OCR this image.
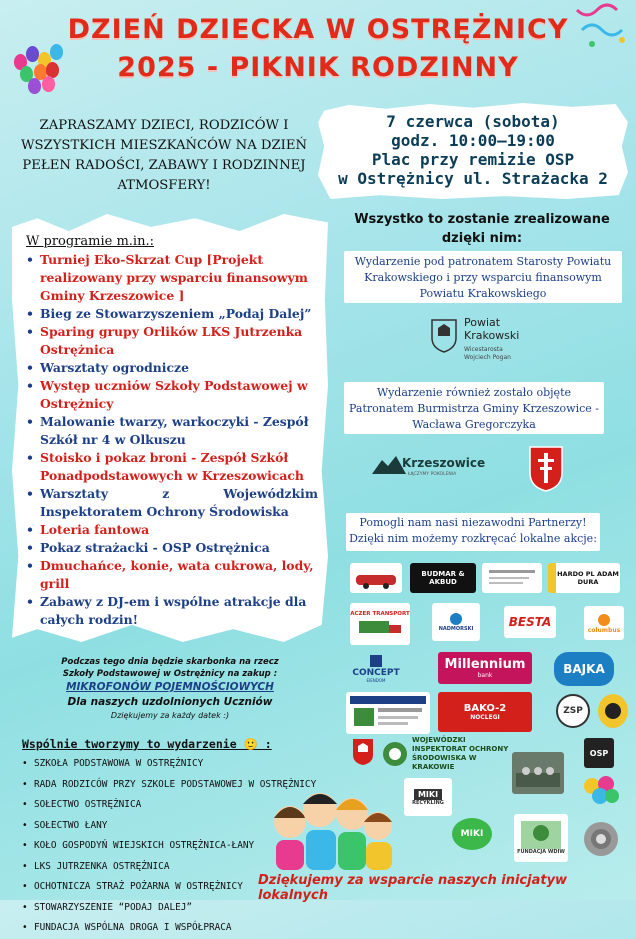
DZIEŃ DZIECKA W OSTRĘŻNICY
2025 - PIKNIK RODZINNY
ZAPRASZAMY DZIECI, RODZICÓW I WSZYSTKICH MIESZKAŃCÓW NA DZIEŃ PEŁEN RADOŚCI, ZABAWY I RODZINNEJ ATMOSFERY!
7 czerwca (sobota)
godz. 10:00–19:00
Plac przy remizie OSP
w Ostrężnicy ul. Strażacka 2
W programie m.in.:
• Turniej Eko-Skrzat Cup [Projekt realizowany przy wsparciu finansowym Gminy Krzeszowice ]
• Bieg ze Stowarzyszeniem „Podaj Dalej”
• Sparing grupy Orlików LKS Jutrzenka Ostrężnica
• Warsztaty ogrodnicze
• Występ uczniów Szkoły Podstawowej w Ostrężnicy
• Malowanie twarzy, warkoczyki - Zespół Szkół nr 4 w Olkuszu
• Stoisko i pokaz broni - Zespół Szkół Ponadpodstawowych w Krzeszowicach
• Warsztaty z Wojewódzkim Inspektoratem Ochrony Środowiska
• Loteria fantowa
• Pokaz strażacki - OSP Ostrężnica
• Dmuchańce, konie, wata cukrowa, lody, grill
• Zabawy z DJ-em i wspólne atrakcje dla całych rodzin!
Wszystko to zostanie zrealizowane dzięki nim:
Wydarzenie pod patronatem Starosty Powiatu Krakowskiego i przy wsparciu finansowym Powiatu Krakowskiego
Powiat Krakowski
Wicestarosta Wojciech Pogan
Wydarzenie również zostało objęte Patronatem Burmistrza Gminy Krzeszowice - Wacława Gregorczyka
Krzeszowice
ŁĄCZYMY POKOLENIA
Pomogli nam nasi niezawodni Partnerzy! Dzięki nim możemy rozkręcać lokalne akcje:
BUDMAR & AKBUD
HARDO PL ADAM DURA
ACZER TRANSPORT
NADMORSKI	BESTA
columbus
CONCEPT
EIENDOM
Millennium
bank	BAJKA
BAKO-2
NOCLEGI
ZSP
WOJEWÓDZKI INSPEKTORAT OCHRONY ŚRODOWISKA W KRAKOWIE
OSP
MIKI
RECYKLING
MIKI
FUNDACJA WDIW
Podczas tego dnia będzie skarbonka na rzecz
Szkoły Podstawowej w Ostrężnicy na zakup :
MIKROFONÓW POJEMNOŚCIOWYCH
Dla naszych uzdolnionych Uczniów
Dziękujemy za każdy datek :)
Wspólnie tworzymy to wydarzenie 🙂 :
• SZKOŁA PODSTAWOWA W OSTRĘŻNICY
• RADA RODZICÓW PRZY SZKOLE PODSTAWOWEJ W OSTRĘŻNICY
• SOŁECTWO OSTRĘŻNICA
• SOŁECTWO ŁANY
• KOŁO GOSPODYŃ WIEJSKICH OSTRĘŻNICA-ŁANY
• LKS JUTRZENKA OSTRĘŻNICA
• OCHOTNICZA STRAŻ POŻARNA W OSTRĘŻNICY
• STOWARZYSZENIE “PODAJ DALEJ”
• FUNDACJA WSPÓLNA DROGA I WSPÓŁPRACA
Dziękujemy za wsparcie naszych inicjatyw lokalnych
